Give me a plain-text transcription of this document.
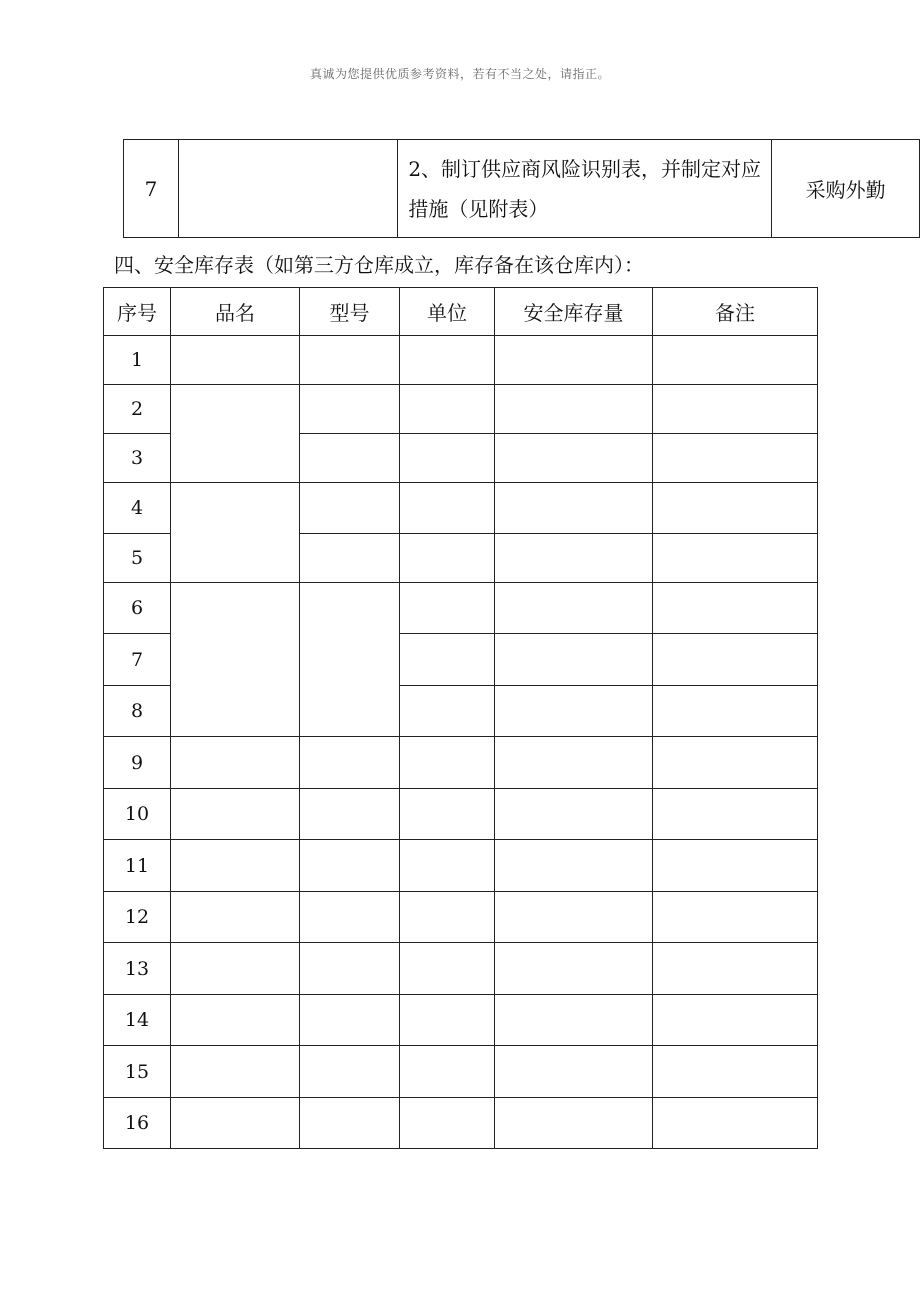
真诚为您提供优质参考资料，若有不当之处，请指正。
7		2、制订供应商风险识别表，并制定对应措施（见附表）	采购外勤
四、安全库存表（如第三方仓库成立，库存备在该仓库内）：
序号	品名	型号	单位	安全库存量	备注
1					
2					
3					
4					
5					
6					
7					
8					
9					
10					
11					
12					
13					
14					
15					
16					
